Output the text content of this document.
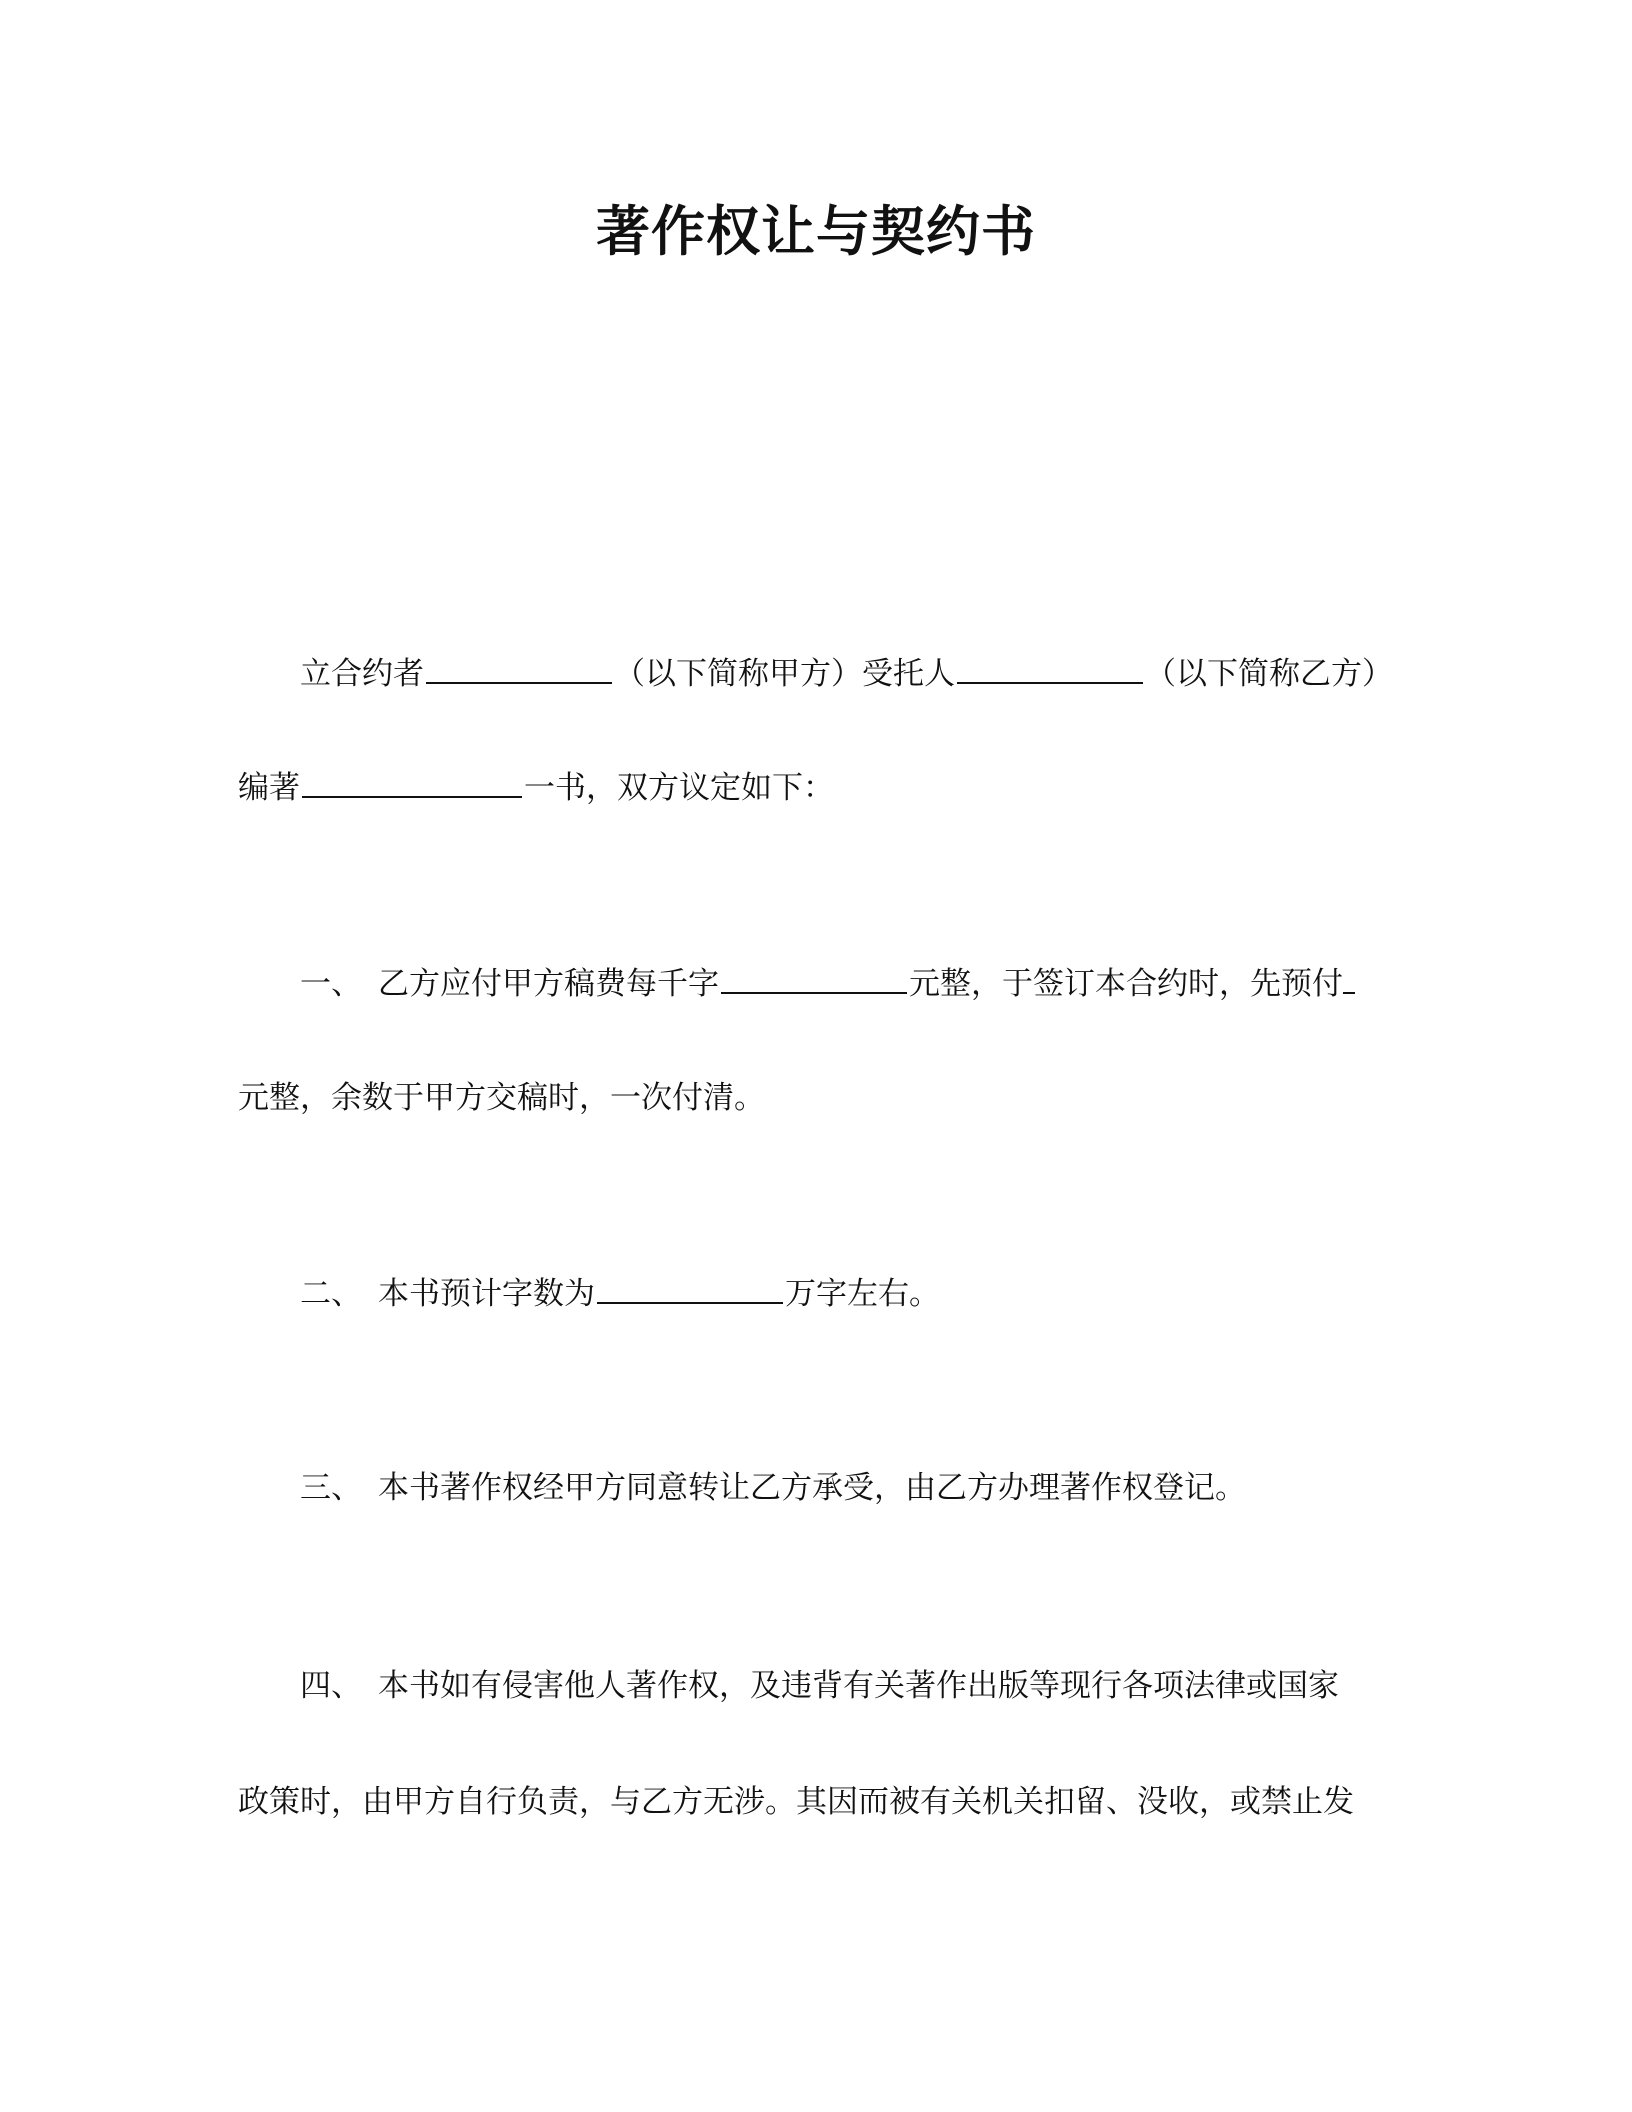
著作权让与契约书
立合约者	（以下简称甲方）受托人	（以下简称乙方）
编著	一书，双方议定如下：
一、 乙方应付甲方稿费每千字	元整，于签订本合约时，先预付
元整，余数于甲方交稿时，一次付清。
二、 本书预计字数为	万字左右。
三、 本书著作权经甲方同意转让乙方承受，由乙方办理著作权登记。
四、 本书如有侵害他人著作权，及违背有关著作出版等现行各项法律或国家
政策时，由甲方自行负责，与乙方无涉。其因而被有关机关扣留、没收，或禁止发
